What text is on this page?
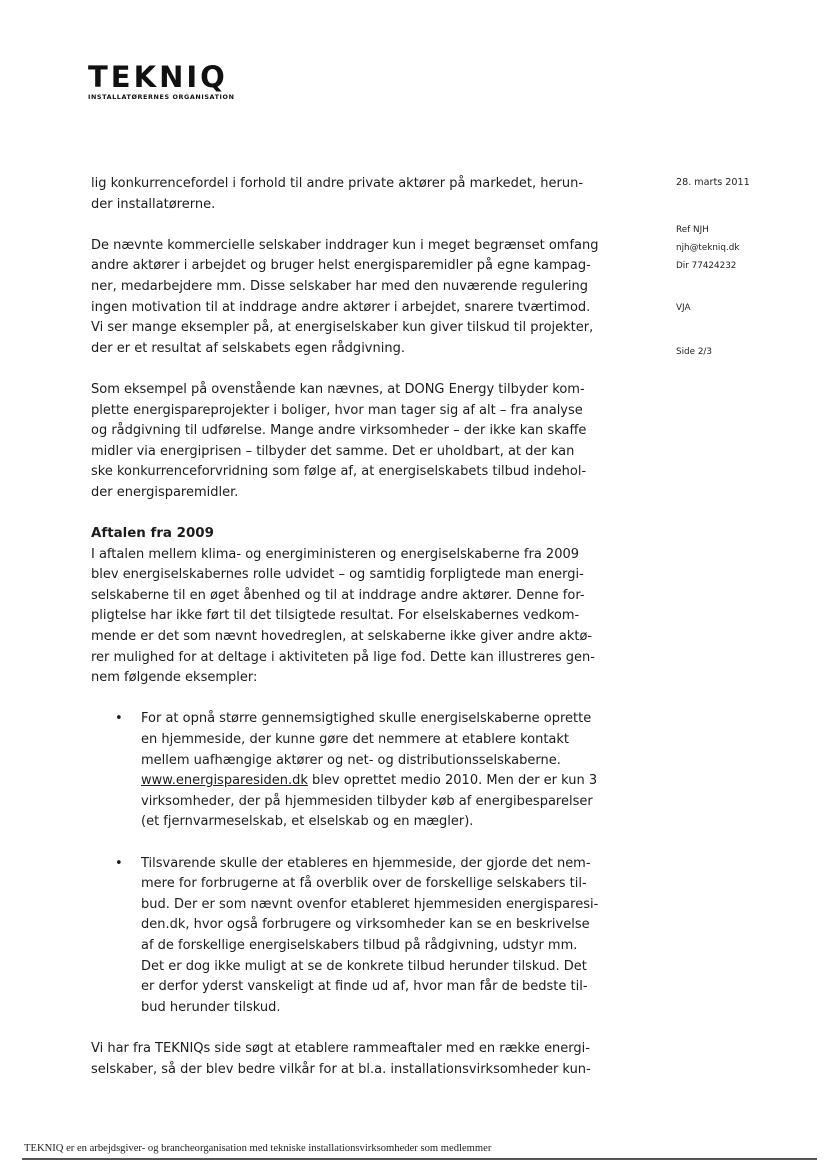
TEKNIQ
INSTALLATØRERNES ORGANISATION
28. marts 2011
Ref NJH
njh@tekniq.dk
Dir 77424232
VJA
Side 2/3

lig konkurrencefordel i forhold til andre private aktører på markedet, herun-
der installatørerne.

De nævnte kommercielle selskaber inddrager kun i meget begrænset omfang
andre aktører i arbejdet og bruger helst energisparemidler på egne kampag-
ner, medarbejdere mm. Disse selskaber har med den nuværende regulering
ingen motivation til at inddrage andre aktører i arbejdet, snarere tværtimod.
Vi ser mange eksempler på, at energiselskaber kun giver tilskud til projekter,
der er et resultat af selskabets egen rådgivning.

Som eksempel på ovenstående kan nævnes, at DONG Energy tilbyder kom-
plette energispareprojekter i boliger, hvor man tager sig af alt – fra analyse
og rådgivning til udførelse. Mange andre virksomheder – der ikke kan skaffe
midler via energiprisen – tilbyder det samme. Det er uholdbart, at der kan
ske konkurrenceforvridning som følge af, at energiselskabets tilbud indehol-
der energisparemidler.

Aftalen fra 2009

I aftalen mellem klima- og energiministeren og energiselskaberne fra 2009
blev energiselskabernes rolle udvidet – og samtidig forpligtede man energi-
selskaberne til en øget åbenhed og til at inddrage andre aktører. Denne for-
pligtelse har ikke ført til det tilsigtede resultat. For elselskabernes vedkom-
mende er det som nævnt hovedreglen, at selskaberne ikke giver andre aktø-
rer mulighed for at deltage i aktiviteten på lige fod. Dette kan illustreres gen-
nem følgende eksempler:

• For at opnå større gennemsigtighed skulle energiselskaberne oprette
en hjemmeside, der kunne gøre det nemmere at etablere kontakt
mellem uafhængige aktører og net- og distributionsselskaberne.
www.energisparesiden.dk blev oprettet medio 2010. Men der er kun 3
virksomheder, der på hjemmesiden tilbyder køb af energibesparelser
(et fjernvarmeselskab, et elselskab og en mægler).
• Tilsvarende skulle der etableres en hjemmeside, der gjorde det nem-
mere for forbrugerne at få overblik over de forskellige selskabers til-
bud. Der er som nævnt ovenfor etableret hjemmesiden energisparesi-
den.dk, hvor også forbrugere og virksomheder kan se en beskrivelse
af de forskellige energiselskabers tilbud på rådgivning, udstyr mm.
Det er dog ikke muligt at se de konkrete tilbud herunder tilskud. Det
er derfor yderst vanskeligt at finde ud af, hvor man får de bedste til-
bud herunder tilskud.

Vi har fra TEKNIQs side søgt at etablere rammeaftaler med en række energi-
selskaber, så der blev bedre vilkår for at bl.a. installationsvirksomheder kun-

TEKNIQ er en arbejdsgiver- og brancheorganisation med tekniske installationsvirksomheder som medlemmer
